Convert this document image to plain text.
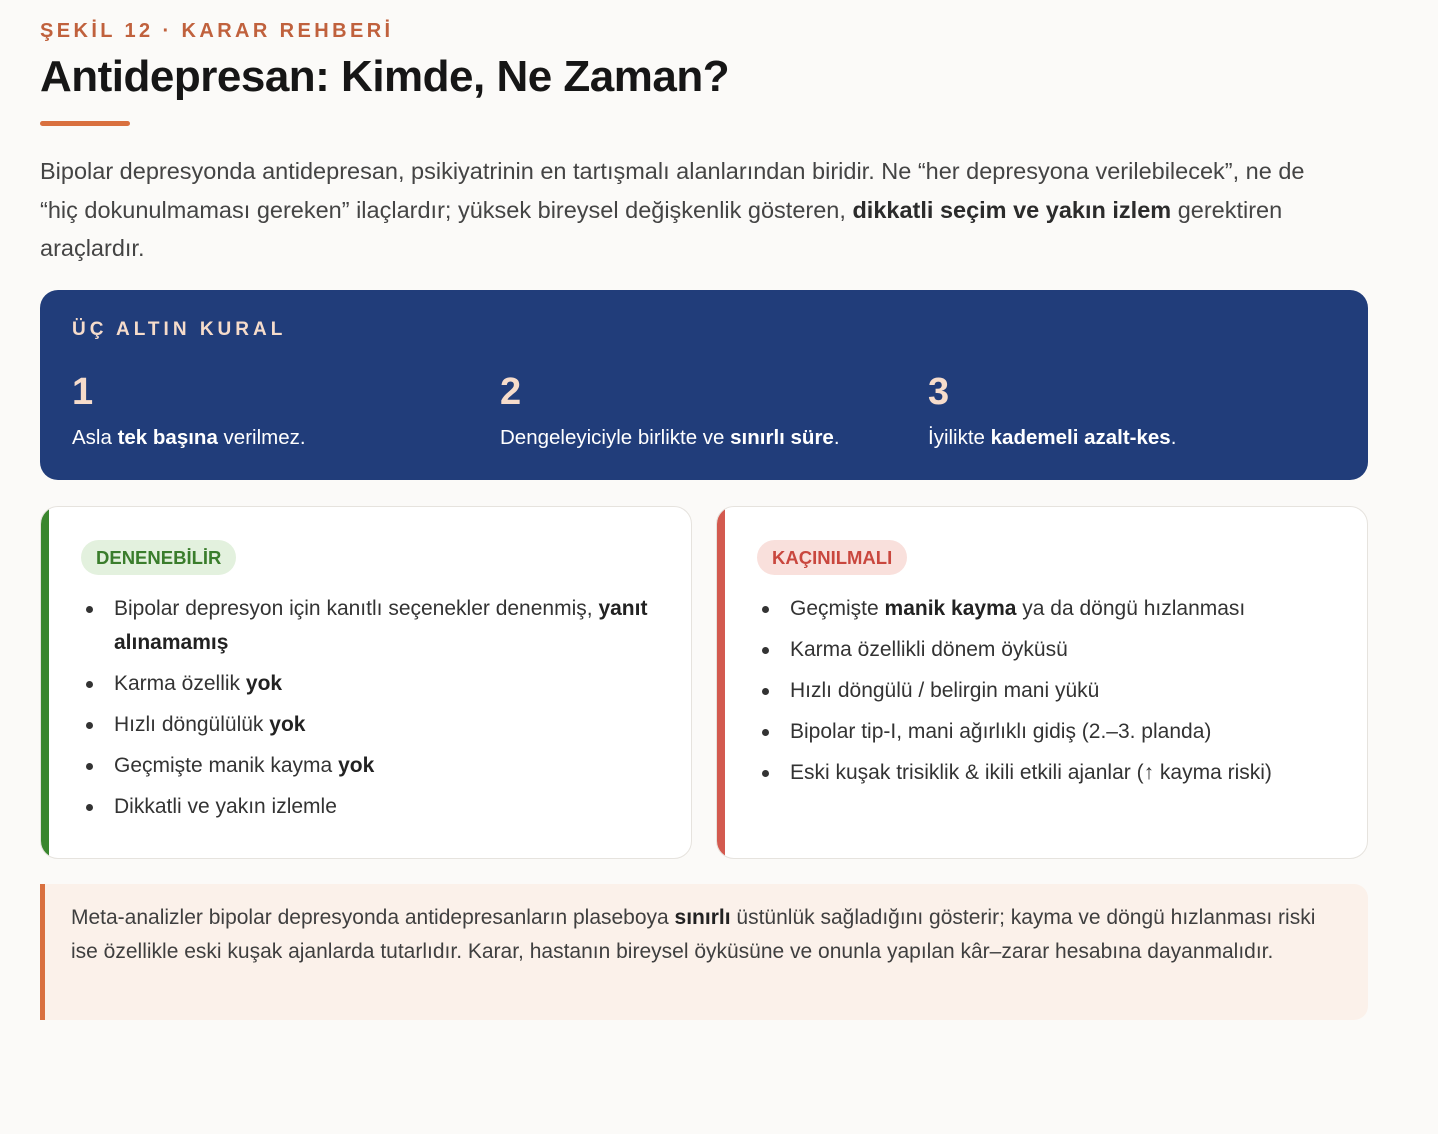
ŞEKİL 12 · KARAR REHBERİ
Antidepresan: Kimde, Ne Zaman?

Bipolar depresyonda antidepresan, psikiyatrinin en tartışmalı alanlarından biridir. Ne “her depresyona verilebilecek”, ne de “hiç dokunulmaması gereken” ilaçlardır; yüksek bireysel değişkenlik gösteren, dikkatli seçim ve yakın izlem gerektiren araçlardır.

ÜÇ ALTIN KURAL
1
Asla tek başına verilmez.
2
Dengeleyiciyle birlikte ve sınırlı süre.
3
İyilikte kademeli azalt-kes.
DENENEBİLİR
Bipolar depresyon için kanıtlı seçenekler denenmiş, yanıt alınamamış
Karma özellik yok
Hızlı döngülülük yok
Geçmişte manik kayma yok
Dikkatli ve yakın izlemle
KAÇINILMALI
Geçmişte manik kayma ya da döngü hızlanması
Karma özellikli dönem öyküsü
Hızlı döngülü / belirgin mani yükü
Bipolar tip-I, mani ağırlıklı gidiş (2.–3. planda)
Eski kuşak trisiklik & ikili etkili ajanlar (↑ kayma riski)

Meta-analizler bipolar depresyonda antidepresanların plaseboya sınırlı üstünlük sağladığını gösterir; kayma ve döngü hızlanması riski ise özellikle eski kuşak ajanlarda tutarlıdır. Karar, hastanın bireysel öyküsüne ve onunla yapılan kâr–zarar hesabına dayanmalıdır.
